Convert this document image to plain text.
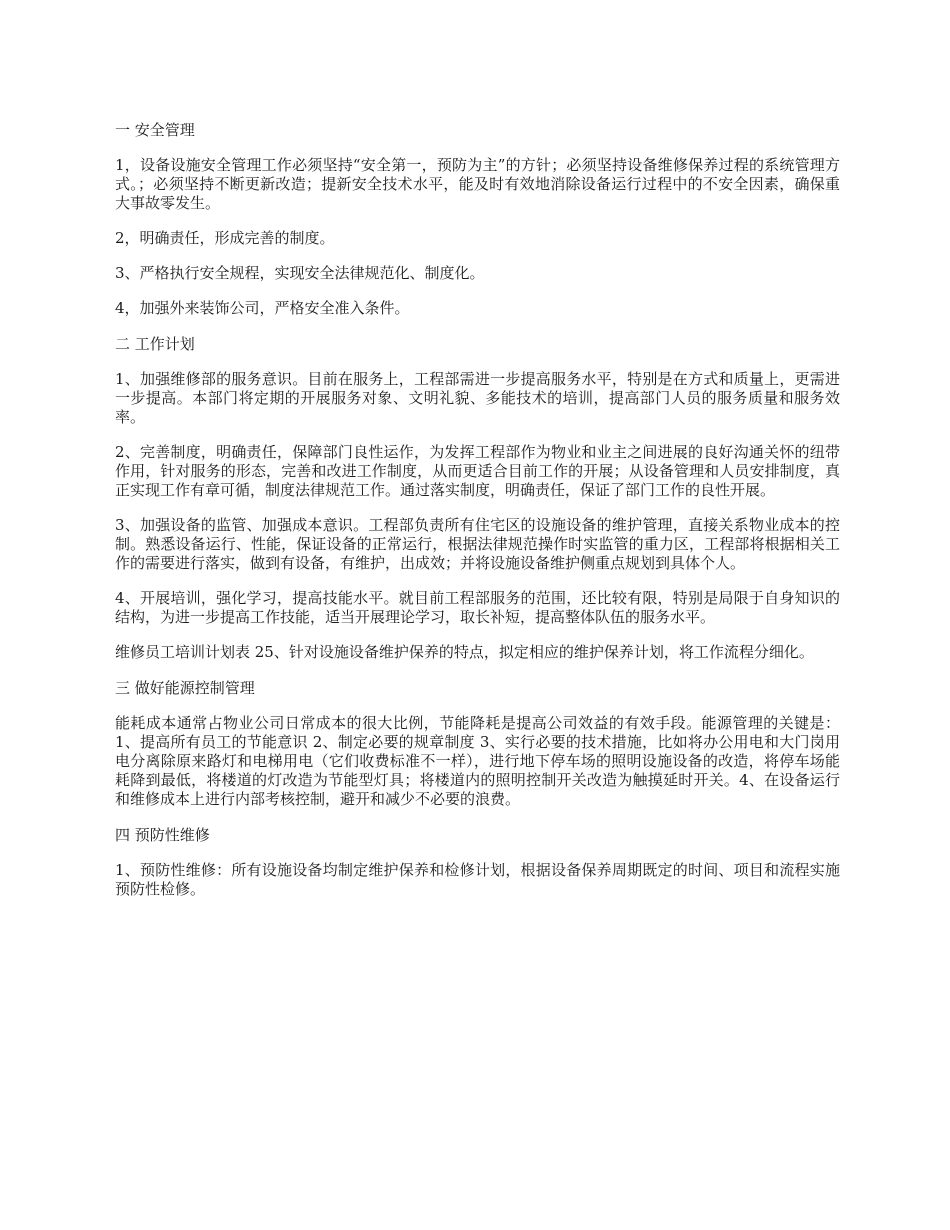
一 安全管理

1，设备设施安全管理工作必须坚持“安全第一，预防为主”的方针；必须坚持设备维修保养过程的系统管理方式。；必须坚持不断更新改造；提新安全技术水平，能及时有效地消除设备运行过程中的不安全因素，确保重大事故零发生。

2，明确责任，形成完善的制度。

3、严格执行安全规程，实现安全法律规范化、制度化。

4，加强外来装饰公司，严格安全准入条件。

二 工作计划

1、加强维修部的服务意识。目前在服务上，工程部需进一步提高服务水平，特别是在方式和质量上，更需进一步提高。本部门将定期的开展服务对象、文明礼貌、多能技术的培训，提高部门人员的服务质量和服务效率。

2、完善制度，明确责任，保障部门良性运作，为发挥工程部作为物业和业主之间进展的良好沟通关怀的纽带作用，针对服务的形态，完善和改进工作制度，从而更适合目前工作的开展；从设备管理和人员安排制度，真正实现工作有章可循，制度法律规范工作。通过落实制度，明确责任，保证了部门工作的良性开展。

3、加强设备的监管、加强成本意识。工程部负责所有住宅区的设施设备的维护管理，直接关系物业成本的控制。熟悉设备运行、性能，保证设备的正常运行，根据法律规范操作时实监管的重力区，工程部将根据相关工作的需要进行落实，做到有设备，有维护，出成效；并将设施设备维护侧重点规划到具体个人。

4、开展培训，强化学习，提高技能水平。就目前工程部服务的范围，还比较有限，特别是局限于自身知识的结构，为进一步提高工作技能，适当开展理论学习，取长补短，提高整体队伍的服务水平。

维修员工培训计划表 25、针对设施设备维护保养的特点，拟定相应的维护保养计划，将工作流程分细化。

三 做好能源控制管理

能耗成本通常占物业公司日常成本的很大比例，节能降耗是提高公司效益的有效手段。能源管理的关键是： 1、提高所有员工的节能意识 2、制定必要的规章制度 3、实行必要的技术措施，比如将办公用电和大门岗用电分离除原来路灯和电梯用电（它们收费标准不一样），进行地下停车场的照明设施设备的改造，将停车场能耗降到最低，将楼道的灯改造为节能型灯具；将楼道内的照明控制开关改造为触摸延时开关。4、在设备运行和维修成本上进行内部考核控制，避开和减少不必要的浪费。

四 预防性维修

1、预防性维修：所有设施设备均制定维护保养和检修计划，根据设备保养周期既定的时间、项目和流程实施预防性检修。
